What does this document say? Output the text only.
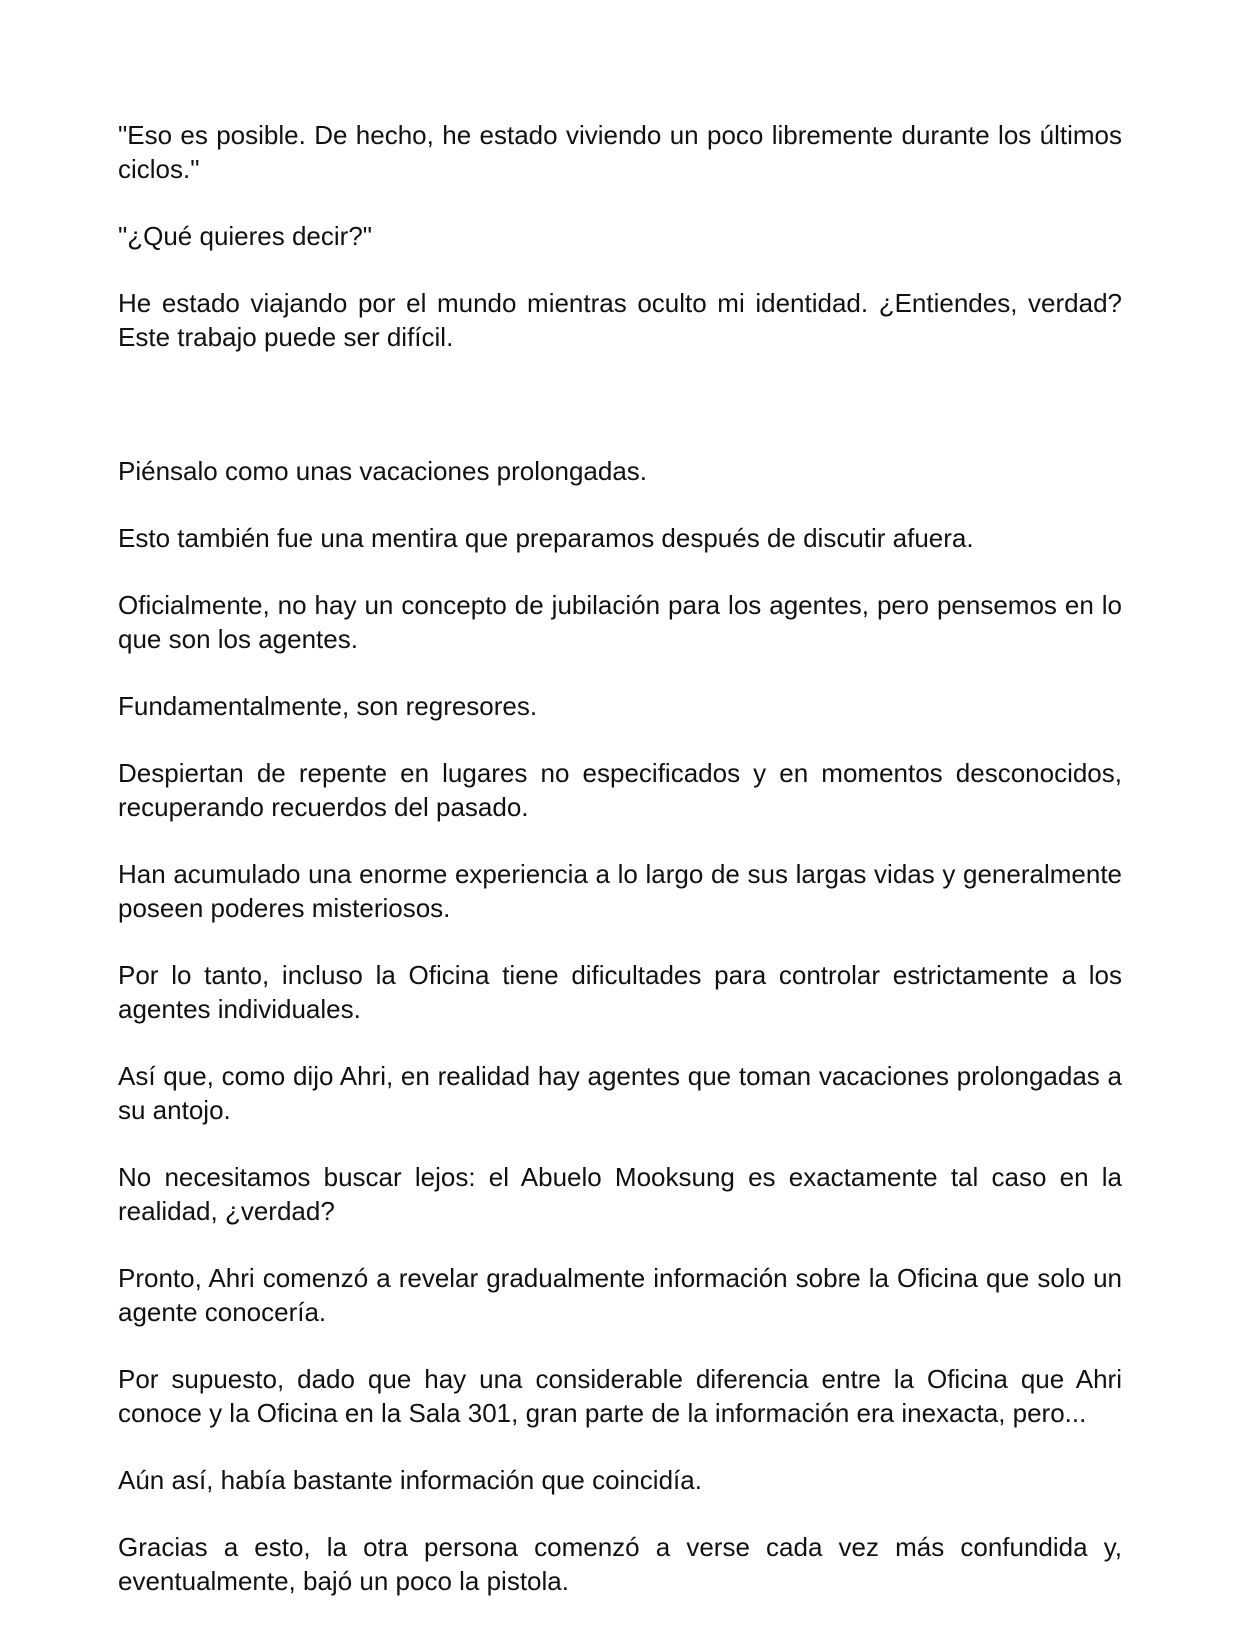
"Eso es posible. De hecho, he estado viviendo un poco libremente durante los últimos ciclos."

"¿Qué quieres decir?"

He estado viajando por el mundo mientras oculto mi identidad. ¿Entiendes, verdad? Este trabajo puede ser difícil.

Piénsalo como unas vacaciones prolongadas.

Esto también fue una mentira que preparamos después de discutir afuera.

Oficialmente, no hay un concepto de jubilación para los agentes, pero pensemos en lo que son los agentes.

Fundamentalmente, son regresores.

Despiertan de repente en lugares no especificados y en momentos desconocidos, recuperando recuerdos del pasado.

Han acumulado una enorme experiencia a lo largo de sus largas vidas y generalmente poseen poderes misteriosos.

Por lo tanto, incluso la Oficina tiene dificultades para controlar estrictamente a los agentes individuales.

Así que, como dijo Ahri, en realidad hay agentes que toman vacaciones prolongadas a su antojo.

No necesitamos buscar lejos: el Abuelo Mooksung es exactamente tal caso en la realidad, ¿verdad?

Pronto, Ahri comenzó a revelar gradualmente información sobre la Oficina que solo un agente conocería.

Por supuesto, dado que hay una considerable diferencia entre la Oficina que Ahri conoce y la Oficina en la Sala 301, gran parte de la información era inexacta, pero...

Aún así, había bastante información que coincidía.

Gracias a esto, la otra persona comenzó a verse cada vez más confundida y, eventualmente, bajó un poco la pistola.
